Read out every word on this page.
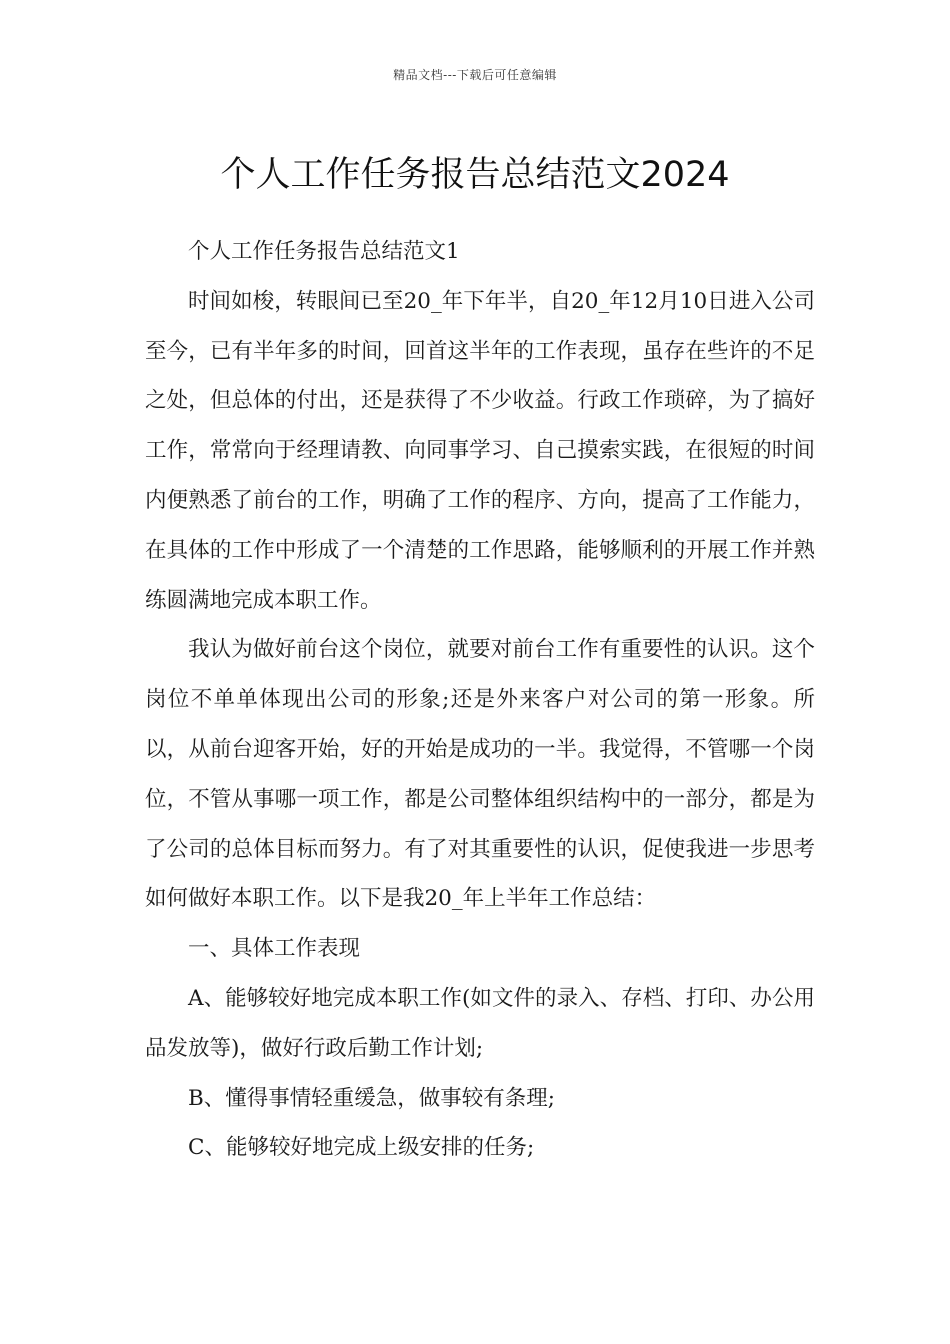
精品文档---下载后可任意编辑
个人工作任务报告总结范文2024

个人工作任务报告总结范文1

时间如梭，转眼间已至20_年下年半，自20_年12月10日进入公司至今，已有半年多的时间，回首这半年的工作表现，虽存在些许的不足之处，但总体的付出，还是获得了不少收益。行政工作琐碎，为了搞好工作，常常向于经理请教、向同事学习、自己摸索实践，在很短的时间内便熟悉了前台的工作，明确了工作的程序、方向，提高了工作能力，在具体的工作中形成了一个清楚的工作思路，能够顺利的开展工作并熟练圆满地完成本职工作。

我认为做好前台这个岗位，就要对前台工作有重要性的认识。这个岗位不单单体现出公司的形象;还是外来客户对公司的第一形象。所以，从前台迎客开始，好的开始是成功的一半。我觉得，不管哪一个岗位，不管从事哪一项工作，都是公司整体组织结构中的一部分，都是为了公司的总体目标而努力。有了对其重要性的认识，促使我进一步思考如何做好本职工作。以下是我20_年上半年工作总结：

一、具体工作表现

A、能够较好地完成本职工作(如文件的录入、存档、打印、办公用品发放等)，做好行政后勤工作计划;

B、懂得事情轻重缓急，做事较有条理;

C、能够较好地完成上级安排的任务;
